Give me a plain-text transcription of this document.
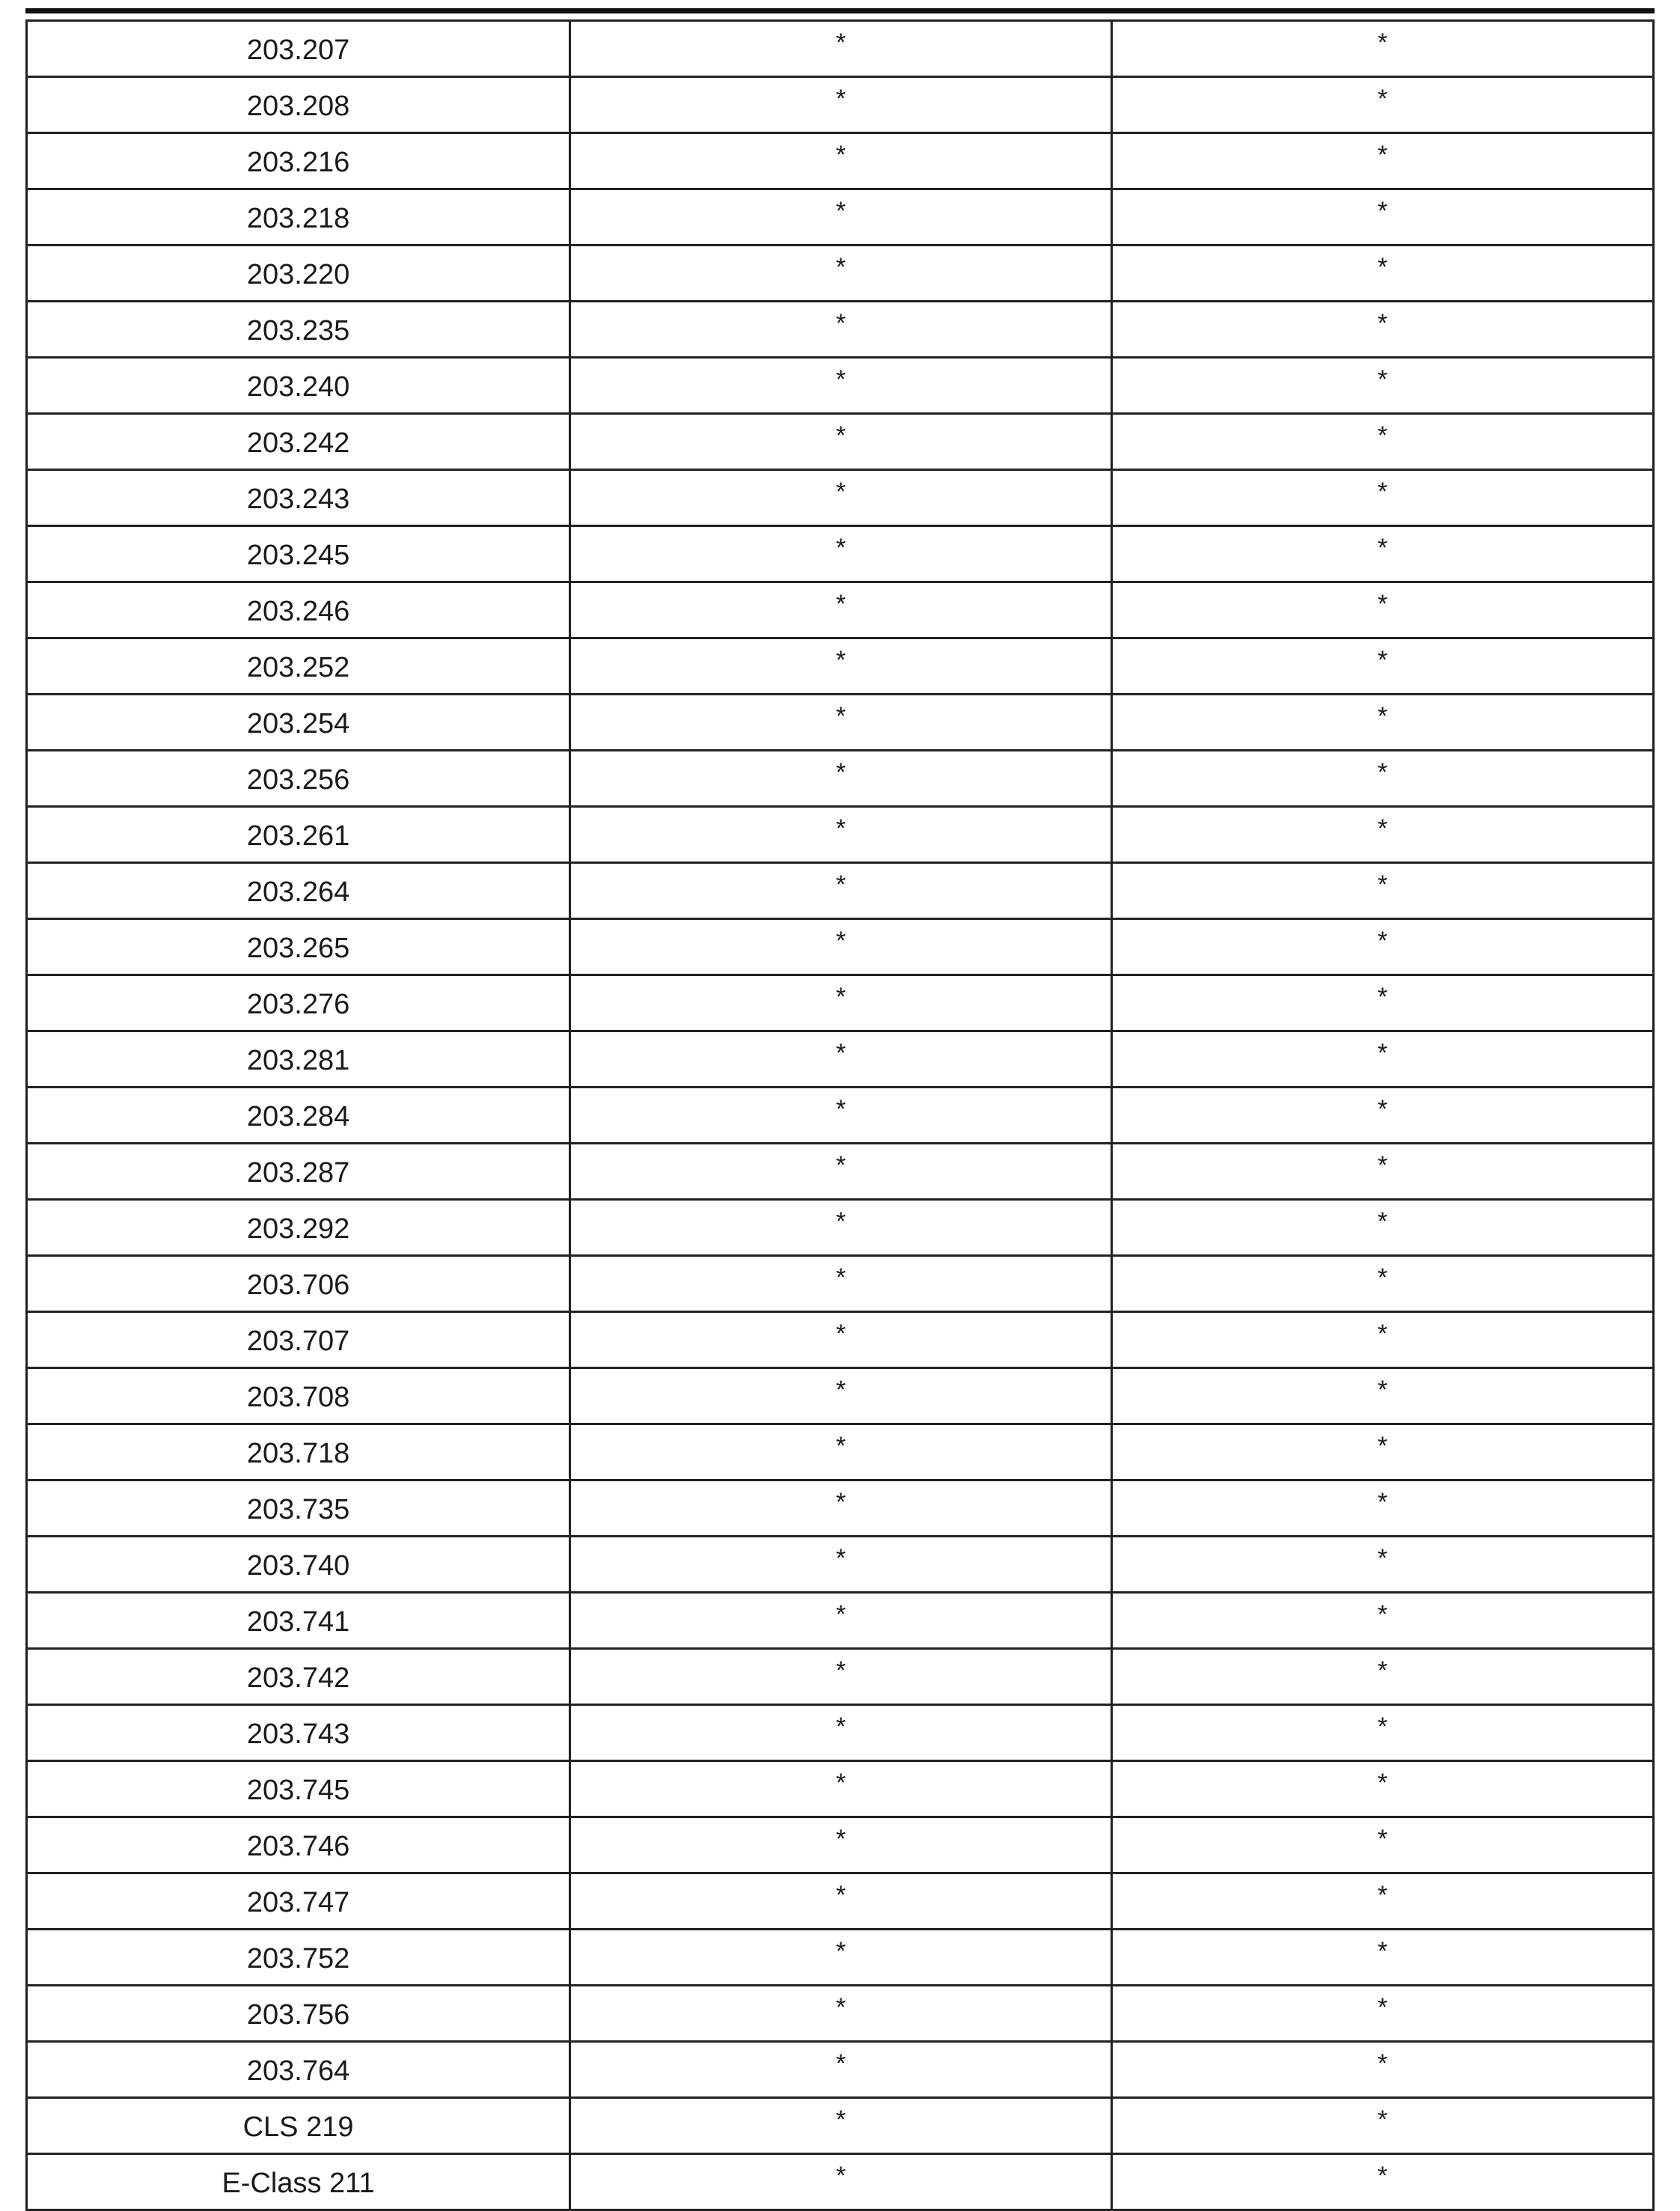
203.207	*	*
203.208	*	*
203.216	*	*
203.218	*	*
203.220	*	*
203.235	*	*
203.240	*	*
203.242	*	*
203.243	*	*
203.245	*	*
203.246	*	*
203.252	*	*
203.254	*	*
203.256	*	*
203.261	*	*
203.264	*	*
203.265	*	*
203.276	*	*
203.281	*	*
203.284	*	*
203.287	*	*
203.292	*	*
203.706	*	*
203.707	*	*
203.708	*	*
203.718	*	*
203.735	*	*
203.740	*	*
203.741	*	*
203.742	*	*
203.743	*	*
203.745	*	*
203.746	*	*
203.747	*	*
203.752	*	*
203.756	*	*
203.764	*	*
CLS 219	*	*
E-Class 211	*	*
